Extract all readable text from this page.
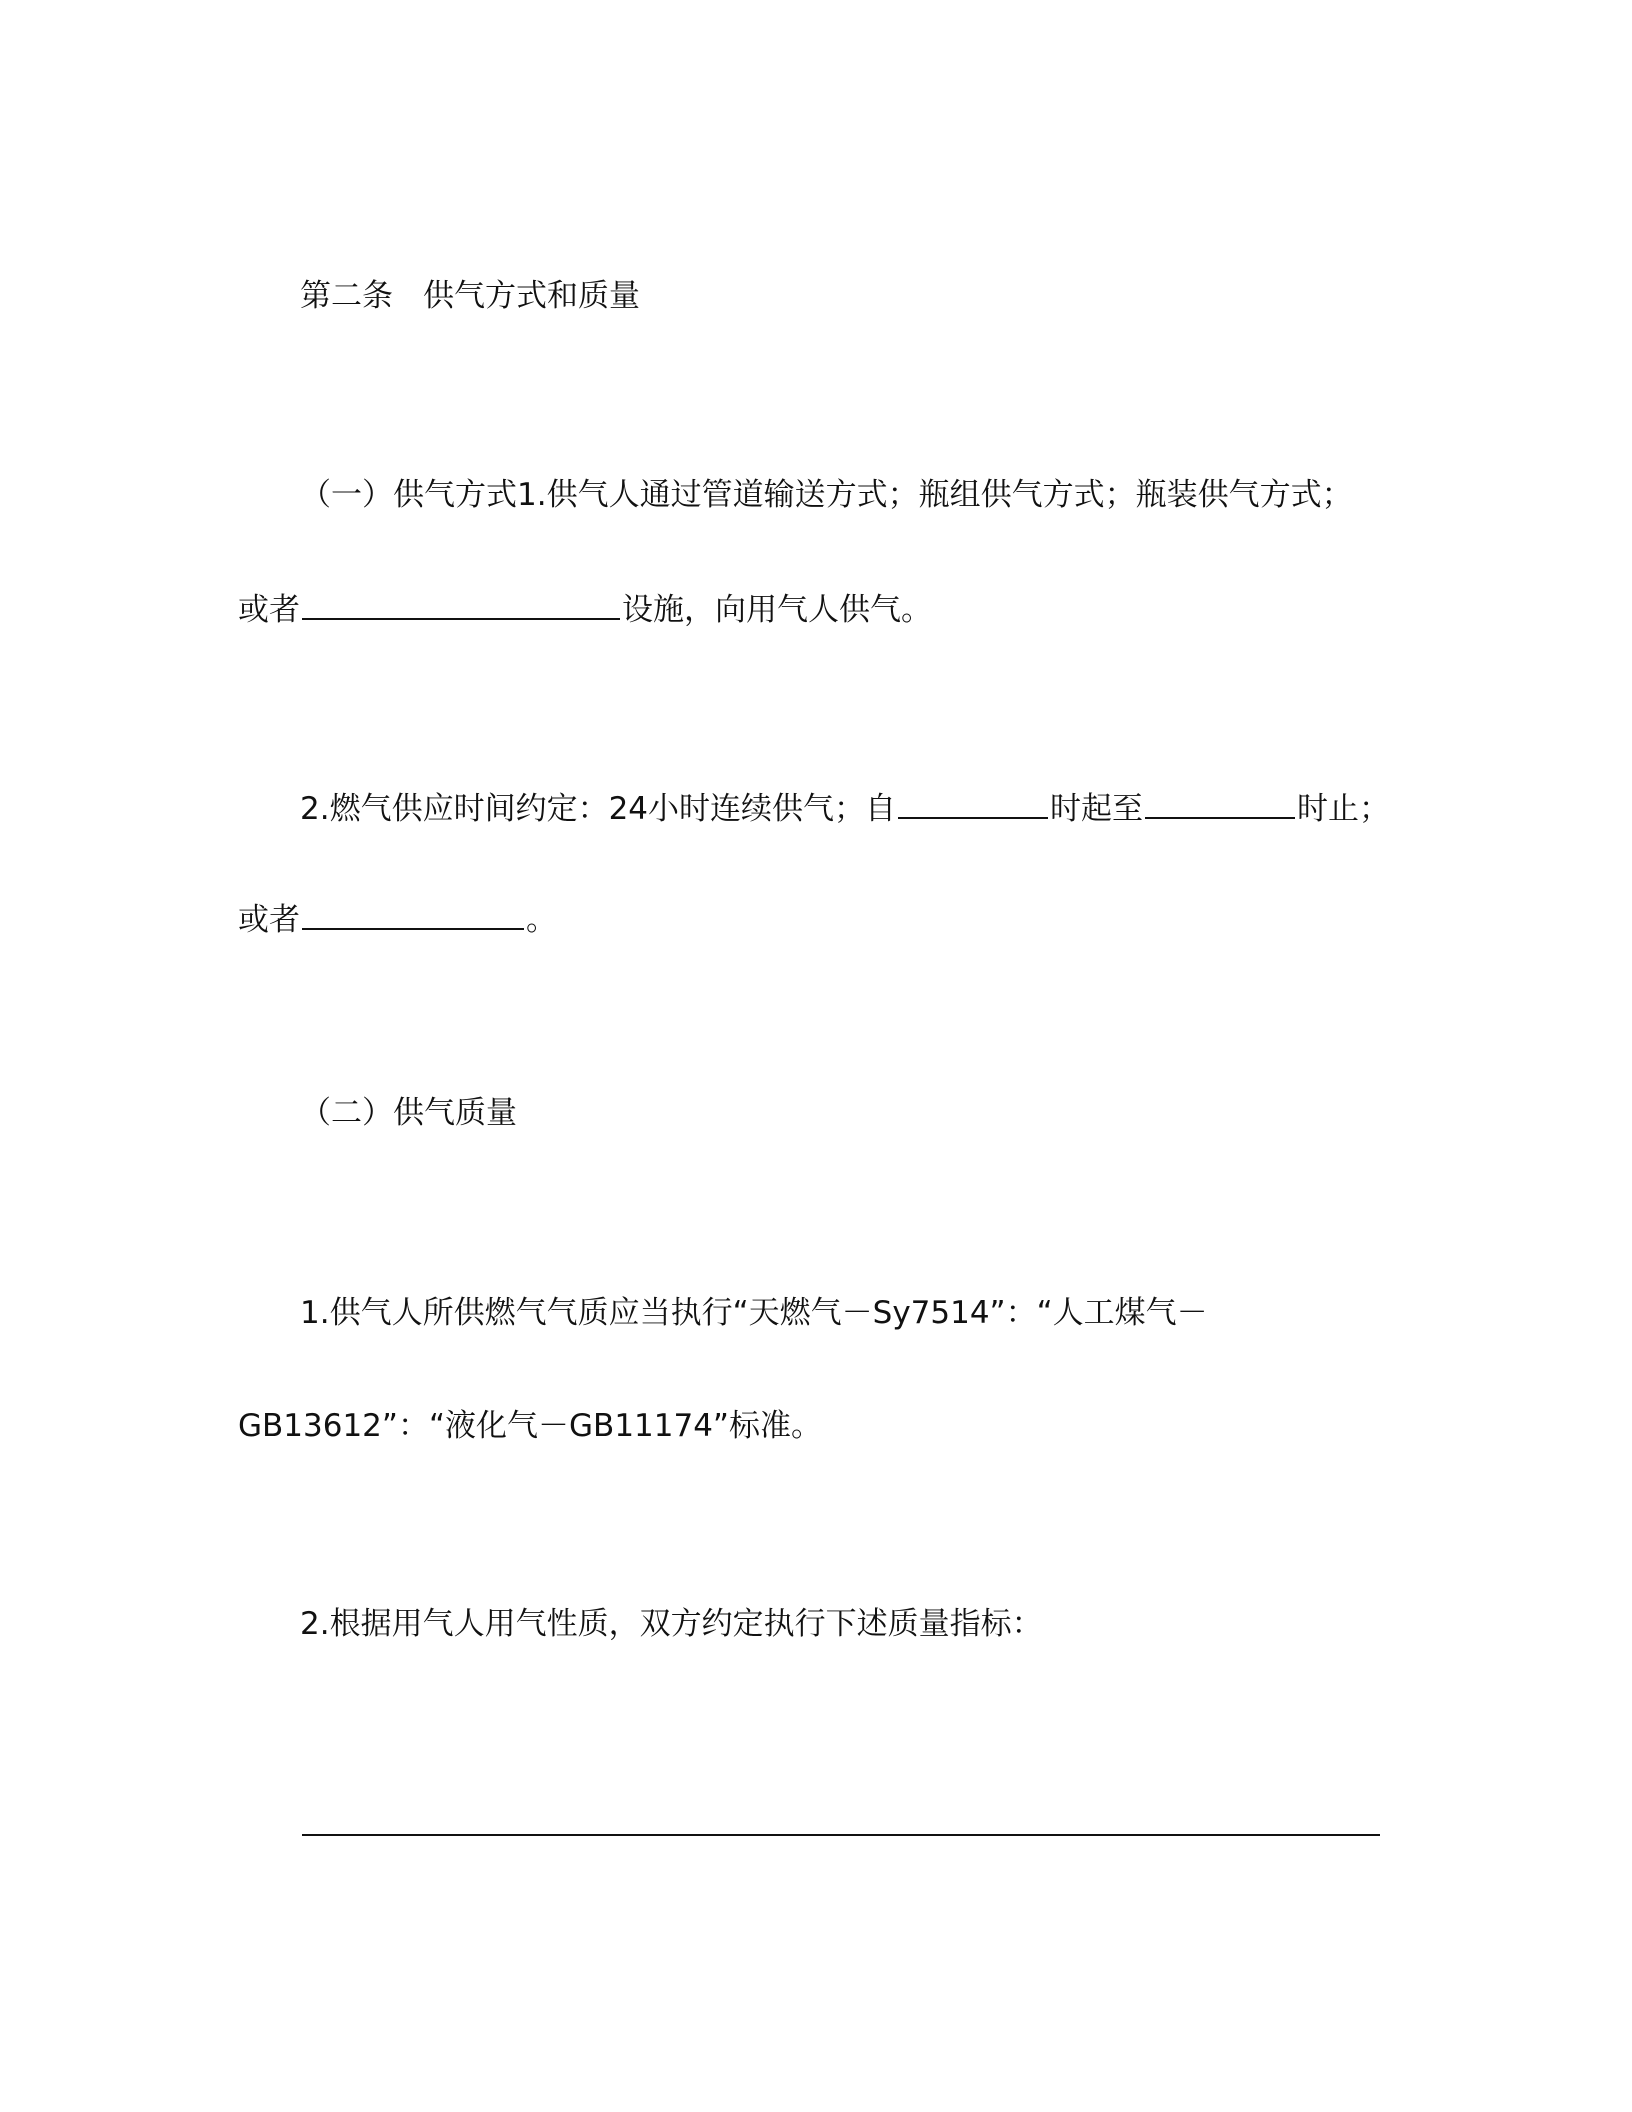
第二条 供气方式和质量
（一）供气方式1.供气人通过管道输送方式；瓶组供气方式；瓶装供气方式；
或者	设施，向用气人供气。
2.燃气供应时间约定：24小时连续供气；自	时起至	时止；
或者	。
（二）供气质量
1.供气人所供燃气气质应当执行“天燃气－Sy7514”：“人工煤气－
GB13612”：“液化气－GB11174”标准。
2.根据用气人用气性质，双方约定执行下述质量指标：
